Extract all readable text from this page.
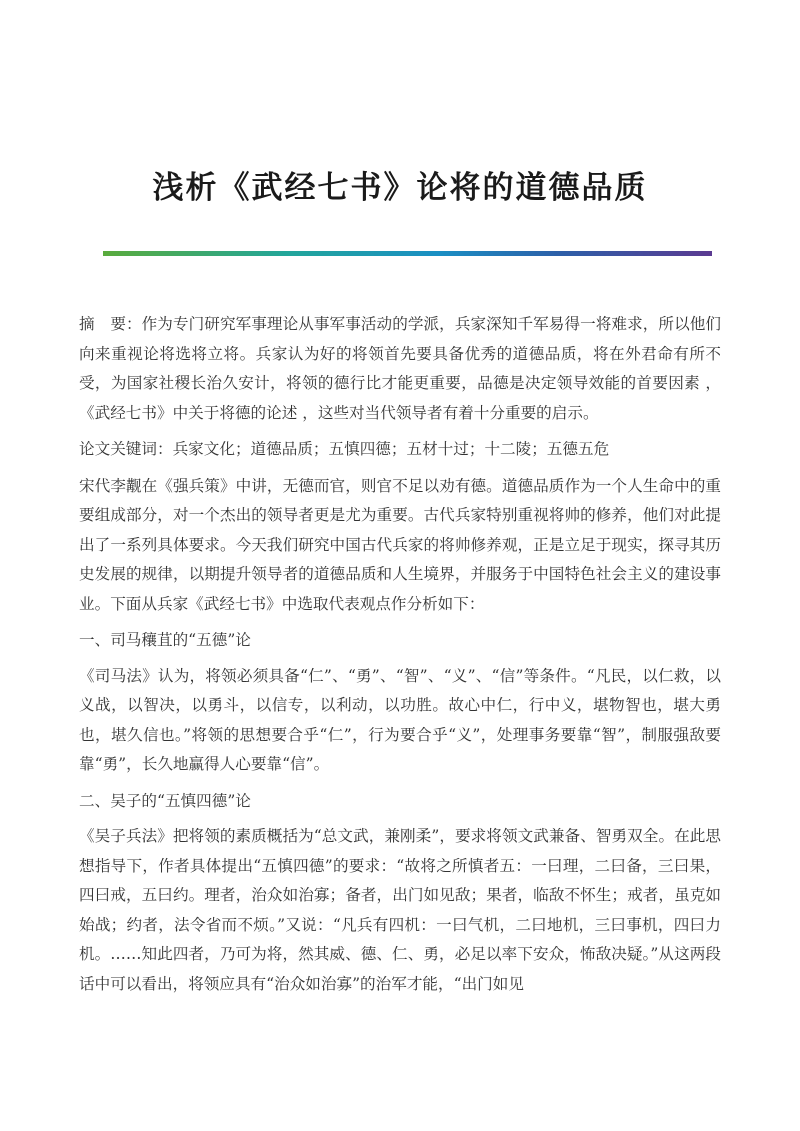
浅析《武经七书》论将的道德品质

摘　要：作为专门研究军事理论从事军事活动的学派，兵家深知千军易得一将难求，所以他们向来重视论将选将立将。兵家认为好的将领首先要具备优秀的道德品质，将在外君命有所不受，为国家社稷长治久安计，将领的德行比才能更重要，品德是决定领导效能的首要因素 ，《武经七书》中关于将德的论述 ，这些对当代领导者有着十分重要的启示。

论文关键词：兵家文化；道德品质；五慎四德；五材十过；十二陵；五德五危

宋代李觏在《强兵策》中讲，无德而官，则官不足以劝有德。道德品质作为一个人生命中的重要组成部分，对一个杰出的领导者更是尤为重要。古代兵家特别重视将帅的修养，他们对此提出了一系列具体要求。今天我们研究中国古代兵家的将帅修养观，正是立足于现实，探寻其历史发展的规律，以期提升领导者的道德品质和人生境界，并服务于中国特色社会主义的建设事业。下面从兵家《武经七书》中选取代表观点作分析如下：

一、司马穰苴的“五德”论

《司马法》认为，将领必须具备“仁”、“勇”、“智”、“义”、“信”等条件。“凡民，以仁救，以义战，以智决，以勇斗，以信专，以利动，以功胜。故心中仁，行中义，堪物智也，堪大勇也，堪久信也。”将领的思想要合乎“仁”，行为要合乎“义”，处理事务要靠“智”，制服强敌要靠“勇”，长久地赢得人心要靠“信”。

二、吴子的“五慎四德”论

《吴子兵法》把将领的素质概括为“总文武，兼刚柔”，要求将领文武兼备、智勇双全。在此思想指导下，作者具体提出“五慎四德”的要求：“故将之所慎者五：一曰理，二曰备，三曰果，四曰戒，五曰约。理者，治众如治寡；备者，出门如见敌；果者，临敌不怀生；戒者，虽克如始战；约者，法令省而不烦。”又说：“凡兵有四机：一曰气机，二曰地机，三曰事机，四曰力机。……知此四者，乃可为将，然其威、德、仁、勇，必足以率下安众，怖敌决疑。”从这两段话中可以看出，将领应具有“治众如治寡”的治军才能，“出门如见
